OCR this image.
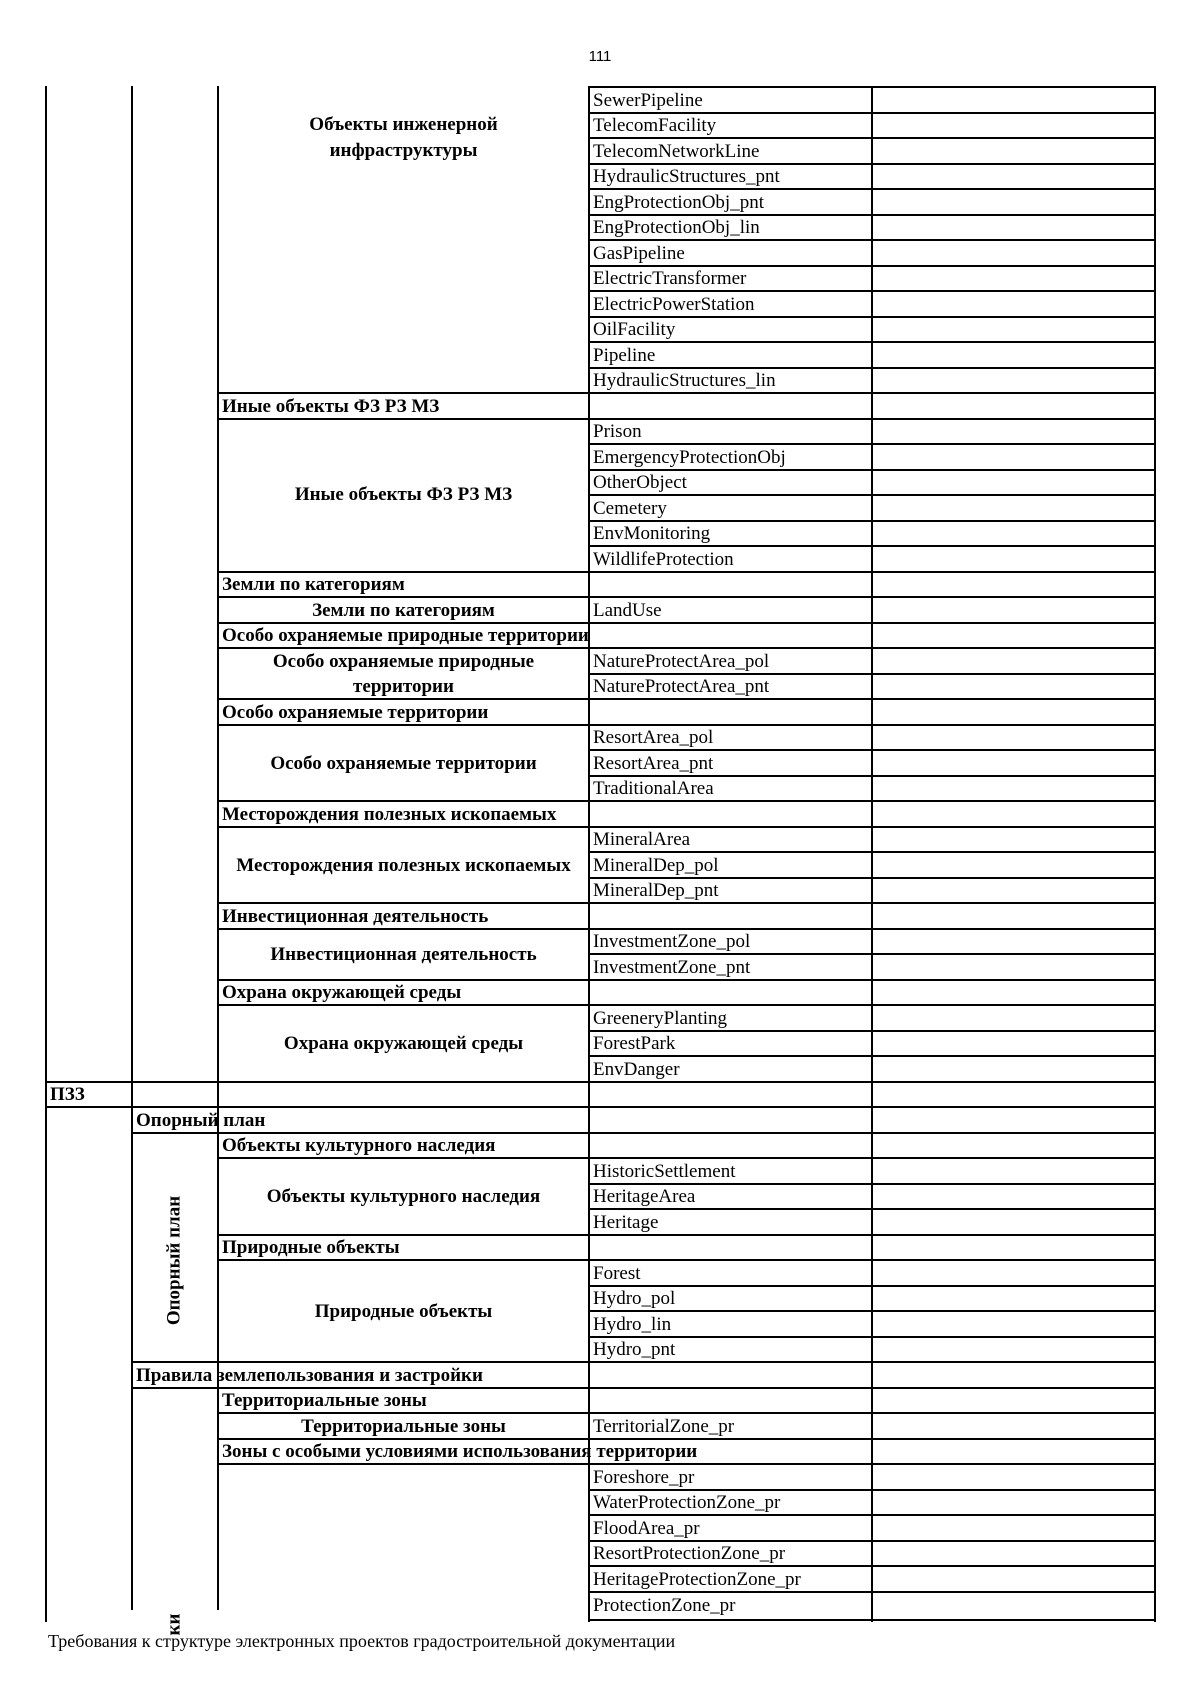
111
Объекты инженерной
инфраструктуры
SewerPipeline
TelecomFacility
TelecomNetworkLine
HydraulicStructures_pnt
EngProtectionObj_pnt
EngProtectionObj_lin
GasPipeline
ElectricTransformer
ElectricPowerStation
OilFacility
Pipeline
HydraulicStructures_lin
Иные объекты ФЗ РЗ МЗ
Иные объекты ФЗ РЗ МЗ
Prison
EmergencyProtectionObj
OtherObject
Cemetery
EnvMonitoring
WildlifeProtection
Земли по категориям
Земли по категориям	LandUse
Особо охраняемые природные территории
Особо охраняемые природные
территории
NatureProtectArea_pol
NatureProtectArea_pnt
Особо охраняемые территории
Особо охраняемые территории
ResortArea_pol
ResortArea_pnt
TraditionalArea
Месторождения полезных ископаемых
Месторождения полезных ископаемых
MineralArea
MineralDep_pol
MineralDep_pnt
Инвестиционная деятельность
Инвестиционная деятельность
InvestmentZone_pol
InvestmentZone_pnt
Охрана окружающей среды
Охрана окружающей среды
GreeneryPlanting
ForestPark
EnvDanger
ПЗЗ
Опорный план
Опорный план
Объекты культурного наследия
Объекты культурного наследия
HistoricSettlement
HeritageArea
Heritage
Природные объекты
Природные объекты
Forest
Hydro_pol
Hydro_lin
Hydro_pnt
Правила землепользования и застройки
ки
Территориальные зоны
Территориальные зоны	TerritorialZone_pr
Зоны с особыми условиями использования территории
Foreshore_pr
WaterProtectionZone_pr
FloodArea_pr
ResortProtectionZone_pr
HeritageProtectionZone_pr
ProtectionZone_pr
Требования к структуре электронных проектов градостроительной документации
